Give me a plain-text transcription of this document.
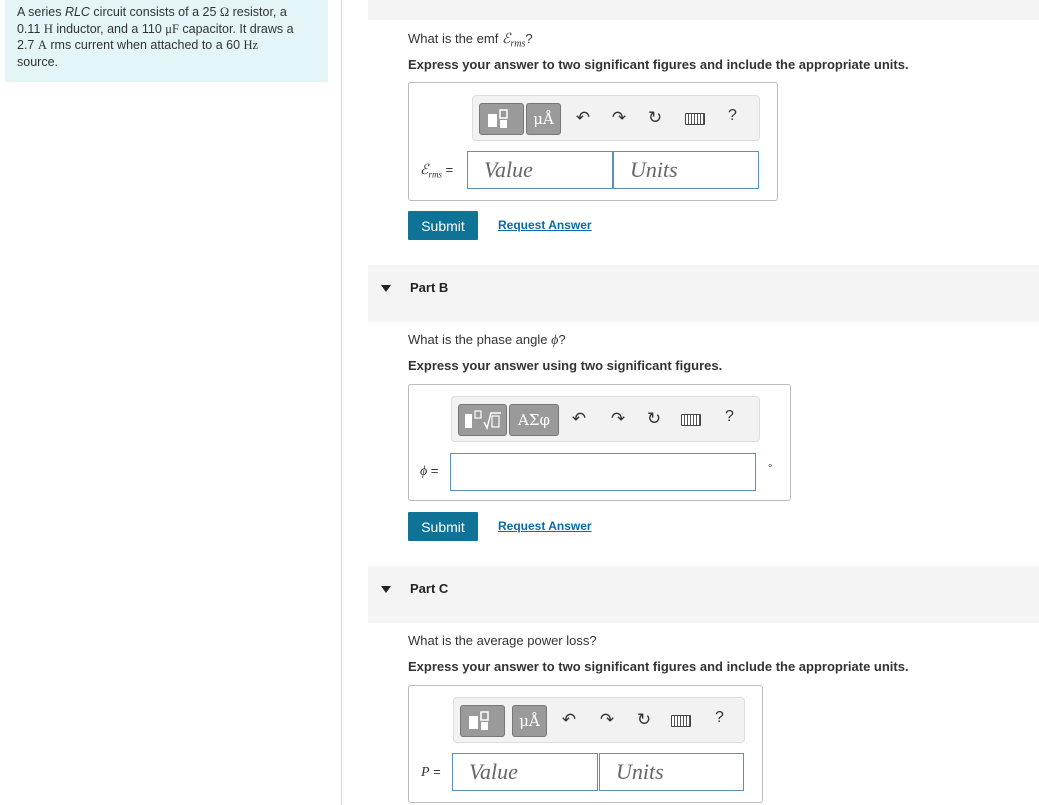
A series RLC circuit consists of a 25 Ω resistor, a
0.11 H inductor, and a 110 μF capacitor. It draws a
2.7 A rms current when attached to a 60 Hz
source.
What is the emf ℰ$_{rms}$?
Express your answer to two significant figures and include the appropriate units.
μÅ	↶ ↷ ↻	?
ℰ$_{rms}$ =	Value	Units
Submit	Request Answer
Part B
What is the phase angle ϕ?
Express your answer using two significant figures.
ΑΣφ	↶ ↷ ↻	?
ϕ =	∘
Submit	Request Answer
Part C
What is the average power loss?
Express your answer to two significant figures and include the appropriate units.
μÅ	↶ ↷ ↻	?
P =	Value	Units
